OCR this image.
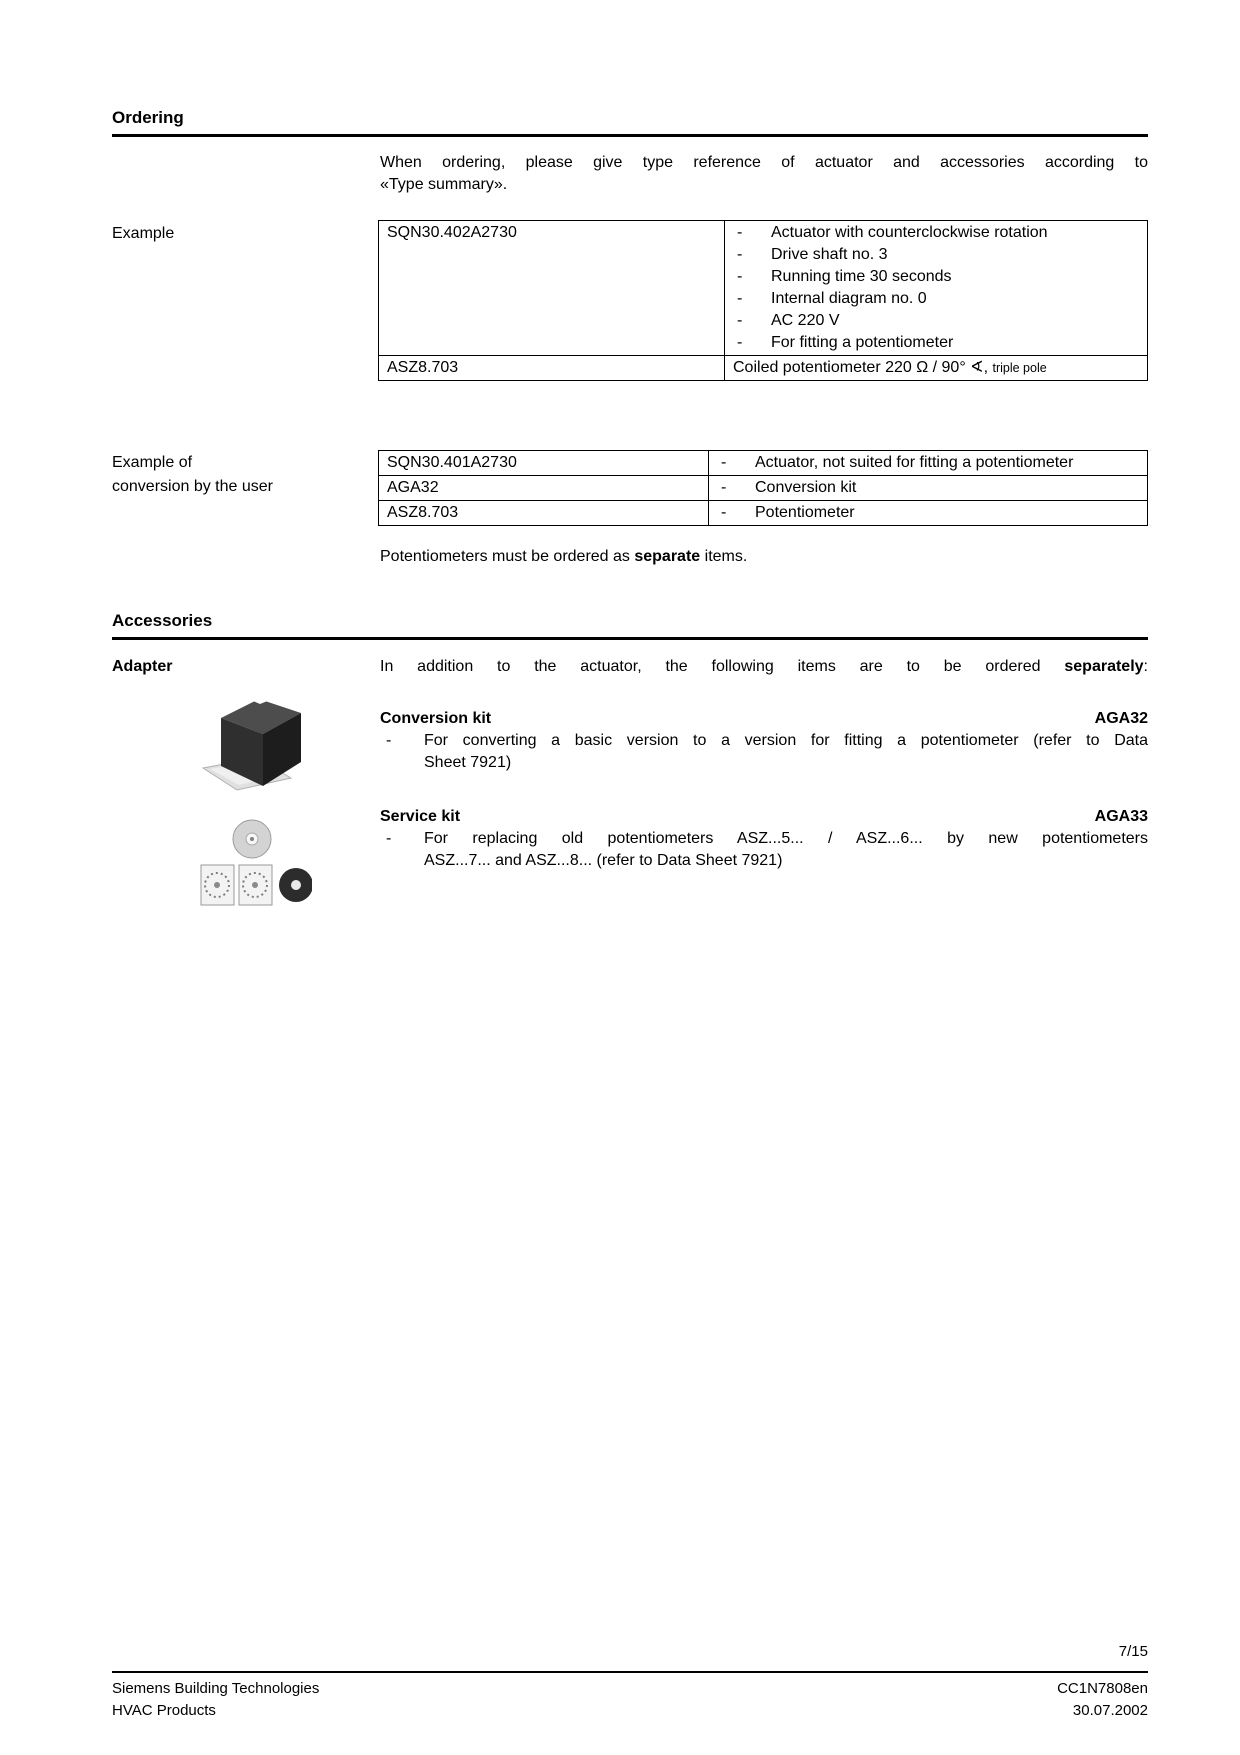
Ordering
When ordering, please give type reference of actuator and accessories according to
«Type summary».
Example	SQN30.402A2730	-	Actuator with counterclockwise rotation
-	Drive shaft no. 3
-	Running time 30 seconds
-	Internal diagram no. 0
-	AC 220 V
-	For fitting a potentiometer
ASZ8.703	Coiled potentiometer 220 Ω / 90° ∢, triple pole
Example of
conversion by the user
SQN30.401A2730	-	Actuator, not suited for fitting a potentiometer
AGA32	-	Conversion kit
ASZ8.703	-	Potentiometer
Potentiometers must be ordered as separate items.
Accessories
Adapter	In addition to the actuator, the following items are to be ordered separately:
Conversion kit	AGA32
-	For converting a basic version to a version for fitting a potentiometer (refer to Data
Sheet 7921)
Service kit	AGA33
-	For replacing old potentiometers ASZ...5... / ASZ...6... by new potentiometers
ASZ...7... and ASZ...8... (refer to Data Sheet 7921)
7/15
Siemens Building Technologies
HVAC Products
CC1N7808en
30.07.2002
